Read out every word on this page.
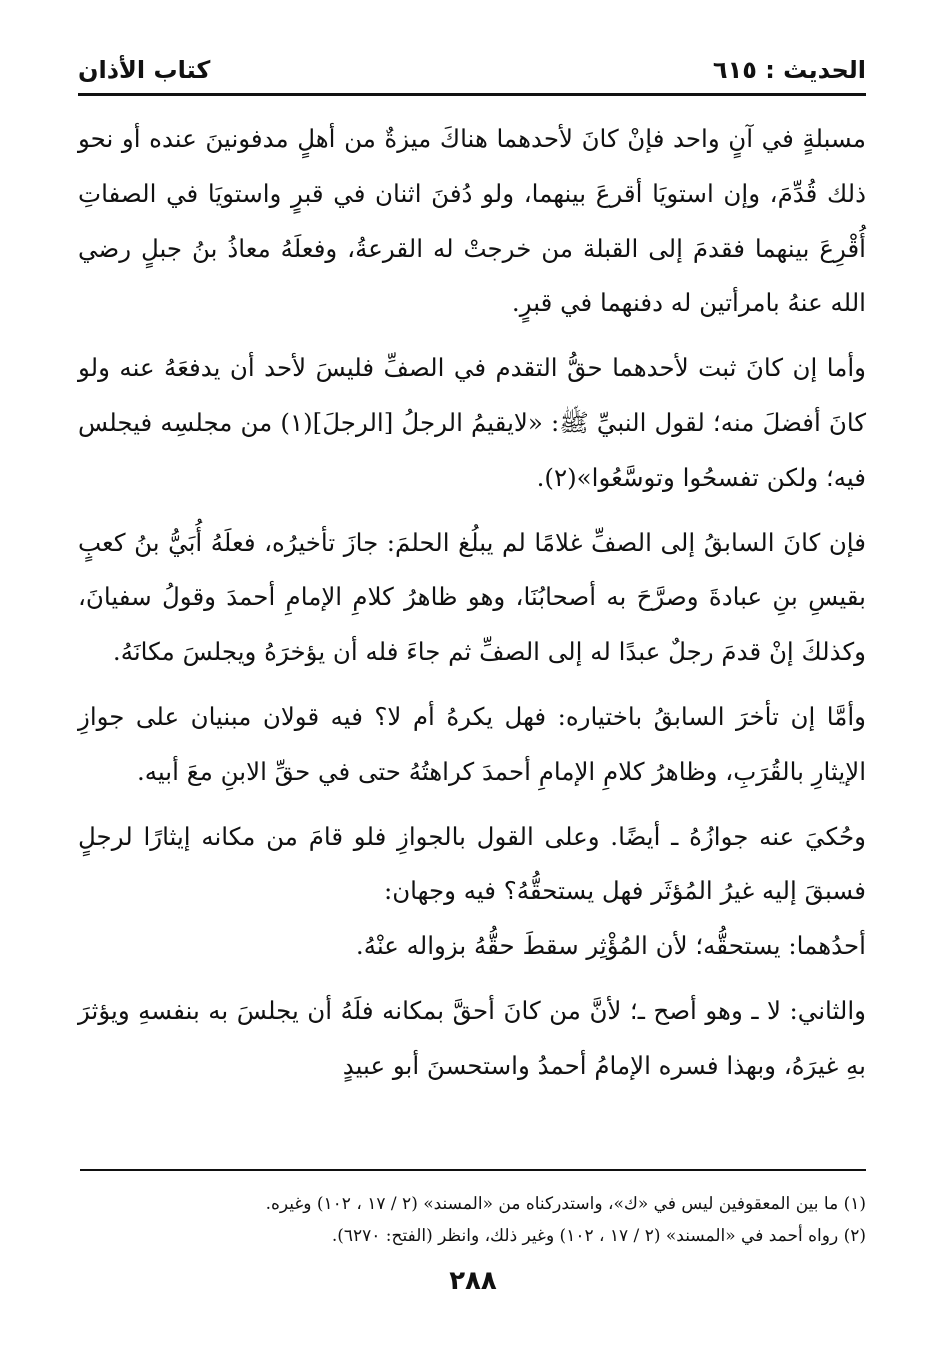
الحديث : ٦١٥
كتاب الأذان

مسبلةٍ في آنٍ واحد فإنْ كانَ لأحدهما هناكَ ميزةٌ من أهلٍ مدفونينَ عنده أو نحو ذلك قُدِّمَ، وإن استويَا أقرعَ بينهما، ولو دُفنَ اثنان في قبرٍ واستويَا في الصفاتِ أُقْرِعَ بينهما فقدمَ إلى القبلة من خرجتْ له القرعةُ، وفعلَهُ معاذُ بنُ جبلٍ رضي الله عنهُ بامرأتين له دفنهما في قبرٍ.

وأما إن كانَ ثبت لأحدهما حقُّ التقدم في الصفِّ فليسَ لأحد أن يدفعَهُ عنه ولو كانَ أفضلَ منه؛ لقول النبيِّ ﷺ: «لايقيمُ الرجلُ [الرجلَ](١) من مجلسِه فيجلس فيه؛ ولكن تفسحُوا وتوسَّعُوا»(٢).

فإن كانَ السابقُ إلى الصفِّ غلامًا لم يبلُغ الحلمَ: جازَ تأخيرُه، فعلَهُ أُبَيُّ بنُ كعبٍ بقيسِ بنِ عبادةَ وصرَّحَ به أصحابُنَا، وهو ظاهرُ كلامِ الإمامِ أحمدَ وقولُ سفيانَ، وكذلكَ إنْ قدمَ رجلٌ عبدًا له إلى الصفِّ ثم جاءَ فله أن يؤخرَهُ ويجلسَ مكانَهُ.

وأمَّا إن تأخرَ السابقُ باختياره: فهل يكرهُ أم لا؟ فيه قولان مبنيان على جوازِ الإيثارِ بالقُرَبِ، وظاهرُ كلامِ الإمامِ أحمدَ كراهتُهُ حتى في حقِّ الابنِ معَ أبيه.

وحُكيَ عنه جوازُهُ ـ أيضًا. وعلى القول بالجوازِ فلو قامَ من مكانه إيثارًا لرجلٍ فسبقَ إليه غيرُ المُؤثَر فهل يستحقُّهُ؟ فيه وجهان:

أحدُهما: يستحقُّه؛ لأن المُؤْثِر سقطَ حقُّهُ بزواله عنْهُ.

والثاني: لا ـ وهو أصح ـ؛ لأنَّ من كانَ أحقَّ بمكانه فلَهُ أن يجلسَ به بنفسهِ ويؤثرَ بهِ غيرَهُ، وبهذا فسره الإمامُ أحمدُ واستحسنَ أبو عبيدٍ

(١) ما بين المعقوفين ليس في «ك»، واستدركناه من «المسند» (٢ / ١٧ ، ١٠٢) وغيره.

(٢) رواه أحمد في «المسند» (٢ / ١٧ ، ١٠٢) وغير ذلك، وانظر (الفتح: ٦٢٧٠).

٢٨٨
